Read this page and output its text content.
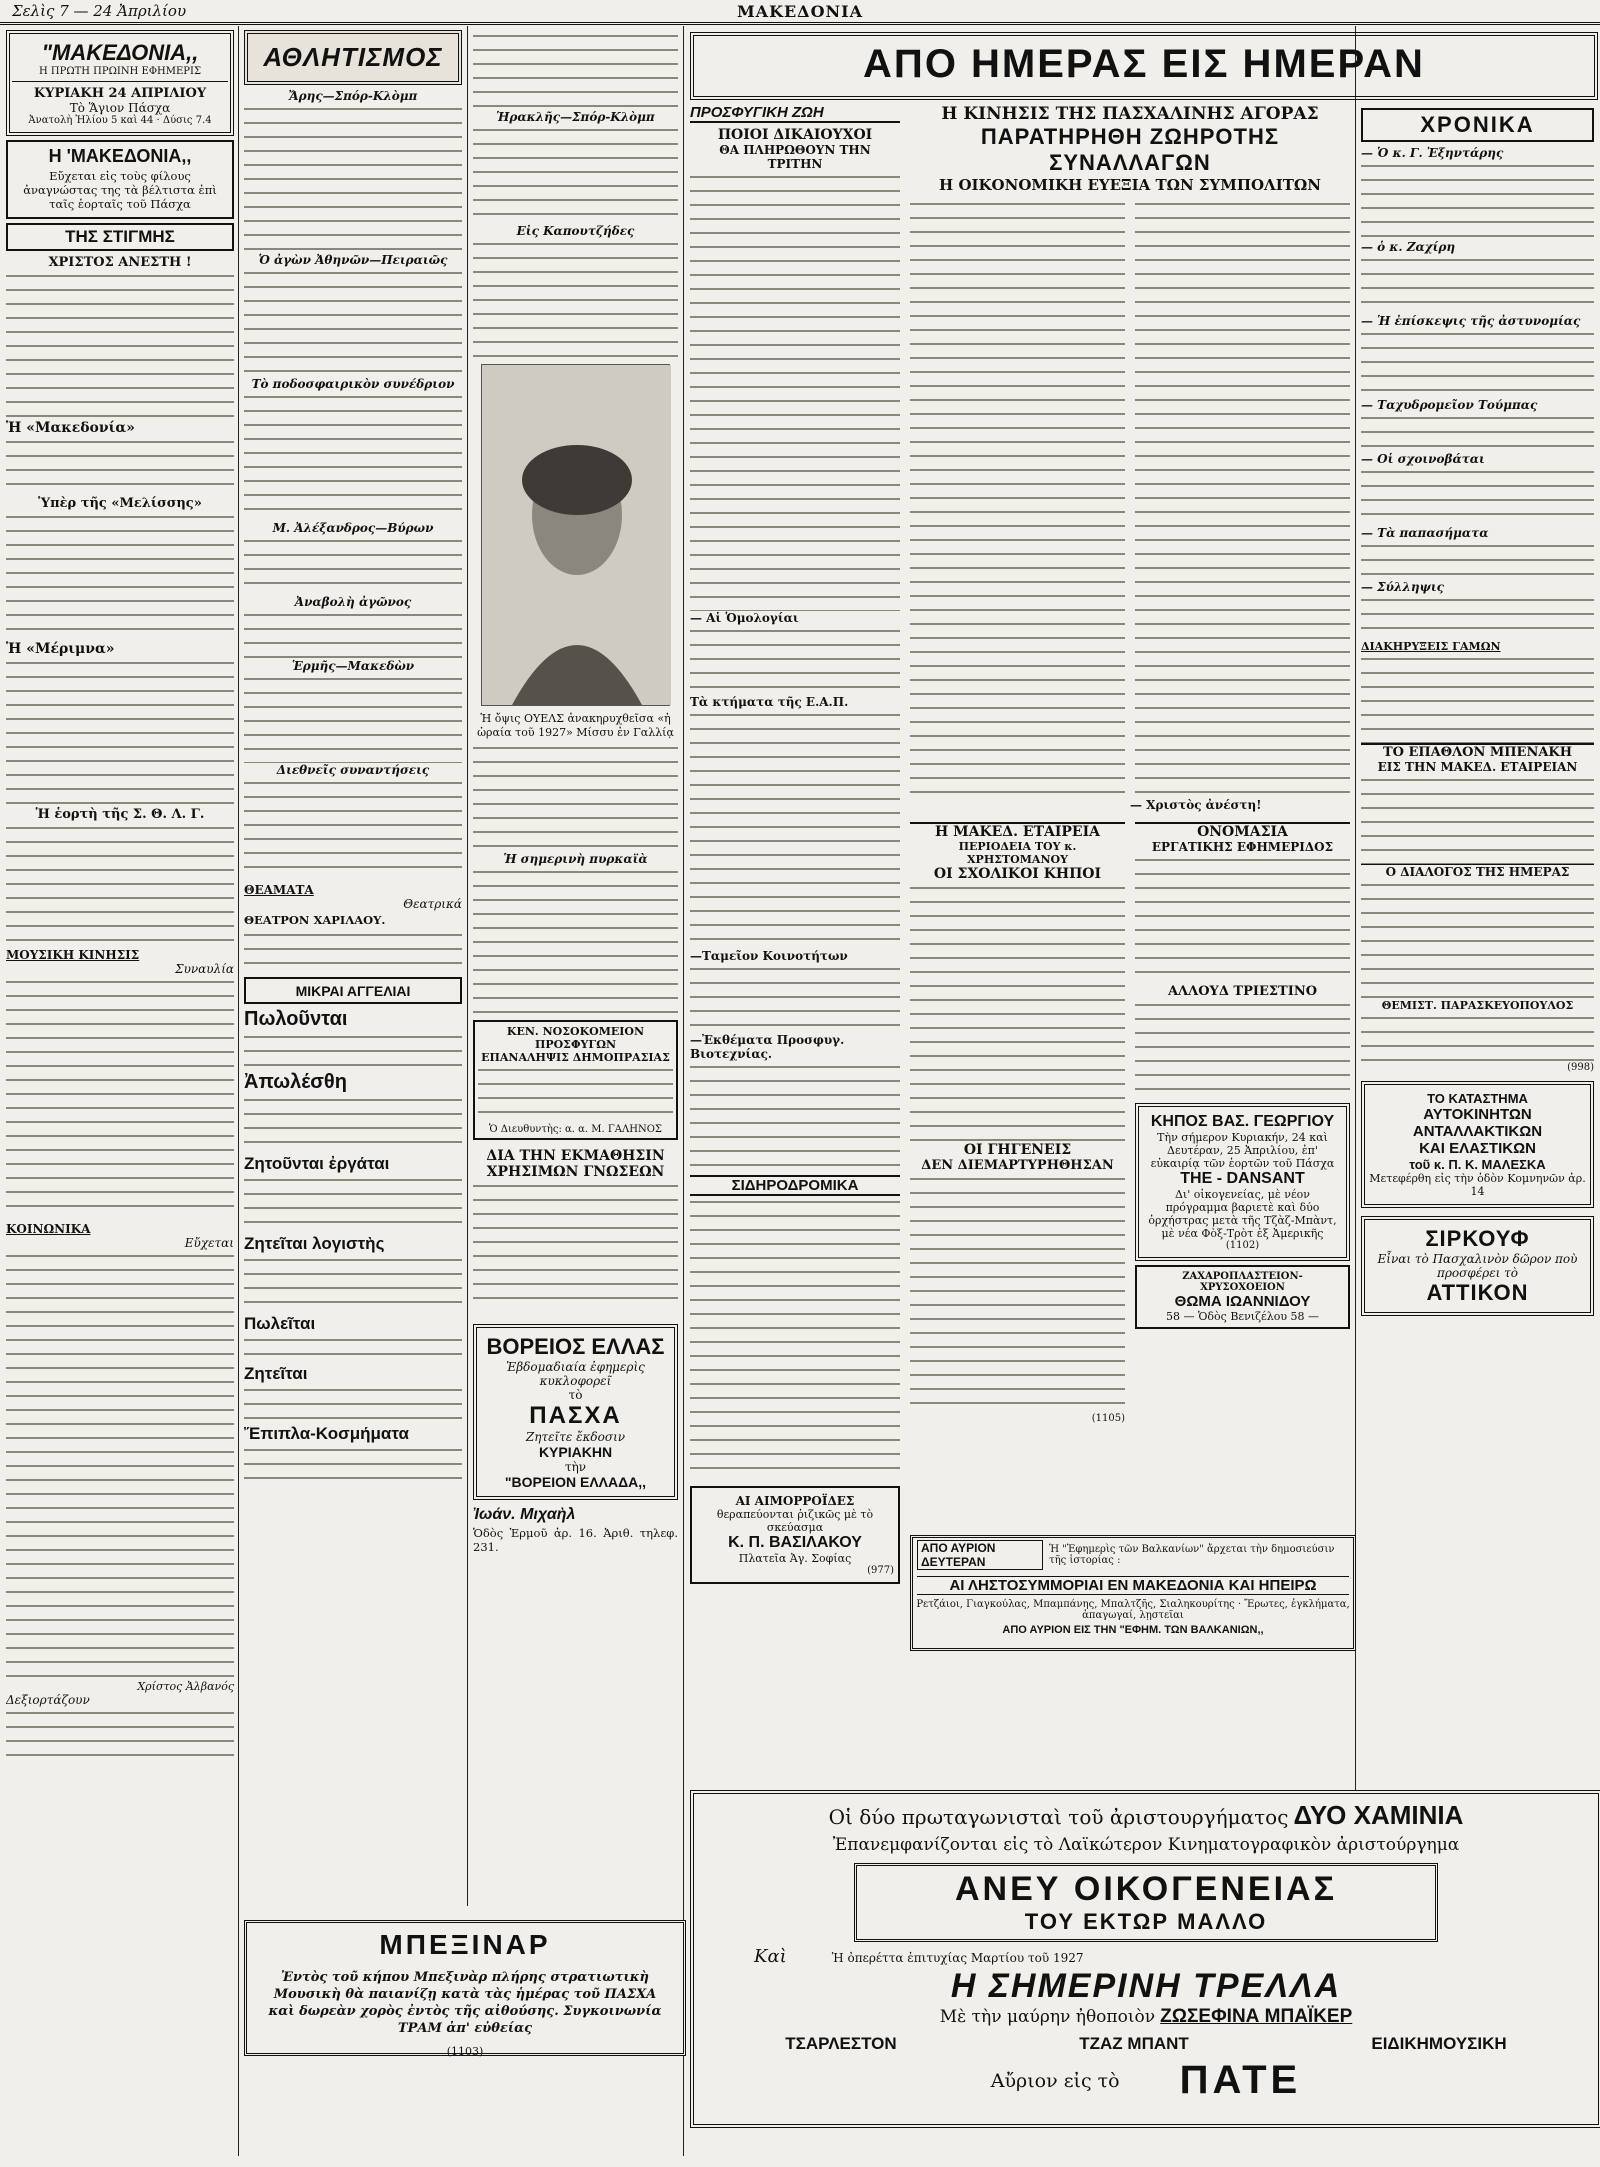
Σελὶς 7 — 24 Ἀπριλίου	ΜΑΚΕΔΟΝΙΑ
"ΜΑΚΕΔΟΝΙΑ,,
Η ΠΡΩΤΗ ΠΡΩΙΝΗ ΕΦΗΜΕΡΙΣ
ΚΥΡΙΑΚΗ 24 ΑΠΡΙΛΙΟΥ
Τὸ Ἅγιον Πάσχα
Ἀνατολὴ Ἡλίου 5 καὶ 44 · Δύσις 7.4
Η 'ΜΑΚΕΔΟΝΙΑ,,
Εὔχεται εἰς τοὺς φίλους ἀναγνώστας της τὰ βέλτιστα ἐπὶ ταῖς ἑορταῖς τοῦ Πάσχα
ΤΗΣ ΣΤΙΓΜΗΣ
ΧΡΙΣΤΟΣ ΑΝΕΣΤΗ !
Ἡ «Μακεδονία»
Ὑπὲρ τῆς «Μελίσσης»
Ἡ «Μέριμνα»
Ἡ ἑορτὴ τῆς Σ. Θ. Λ. Γ.
ΜΟΥΣΙΚΗ ΚΙΝΗΣΙΣ
Συναυλία
ΚΟΙΝΩΝΙΚΑ
Εὔχεται
Χρίστος Ἀλβανός
Δεξιορτάζουν
ΑΘΛΗΤΙΣΜΟΣ
Ἄρης—Σπόρ-Κλὸμπ
Ὁ ἀγὼν Ἀθηνῶν—Πειραιῶς
Τὸ ποδοσφαιρικὸν συνέδριον
Μ. Ἀλέξανδρος—Βύρων
Ἀναβολὴ ἀγῶνος
Ἑρμῆς—Μακεδὼν
Διεθνεῖς συναντήσεις
ΘΕΑΜΑΤΑ
Θεατρικά
ΘΕΑΤΡΟΝ ΧΑΡΙΛΑΟΥ.
ΜΙΚΡΑΙ ΑΓΓΕΛΙΑΙ
Πωλοῦνται
Ἀπωλέσθη
Ζητοῦνται ἐργάται
Ζητεῖται λογιστὴς
Πωλεῖται
Ζητεῖται
Ἔπιπλα-Κοσμήματα
ΜΠΕΞΙΝΑΡ
Ἐντὸς τοῦ κήπου Μπεξινὰρ πλήρης στρατιωτικὴ Μουσικὴ θὰ παιανίζῃ κατὰ τὰς ἡμέρας τοῦ ΠΑΣΧΑ καὶ δωρεὰν χορὸς ἐντὸς τῆς αἰθούσης. Συγκοινωνία ΤΡΑΜ ἀπ' εὐθείας
(1103)
Ἡρακλῆς—Σπόρ-Κλὸμπ
Εἰς Καπουτζήδες
Ἡ ὄψις ΟΥΕΛΣ ἀνακηρυχθεῖσα «ἡ ὡραία τοῦ 1927» Μίσσυ ἐν Γαλλίᾳ
Ἡ σημερινὴ πυρκαϊὰ
ΚΕΝ. ΝΟΣΟΚΟΜΕΙΟΝ ΠΡΟΣΦΥΓΩΝ
ΕΠΑΝΑΛΗΨΙΣ ΔΗΜΟΠΡΑΣΙΑΣ
Ὁ Διευθυντὴς: α. α. Μ. ΓΑΛΗΝΟΣ
ΔΙΑ ΤΗΝ ΕΚΜΑΘΗΣΙΝ ΧΡΗΣΙΜΩΝ ΓΝΩΣΕΩΝ
ΒΟΡΕΙΟΣ ΕΛΛΑΣ
Ἑβδομαδιαία ἐφημερὶς
κυκλοφορεῖ
τὸ
ΠΑΣΧΑ
Ζητεῖτε ἔκδοσιν
ΚΥΡΙΑΚΗΝ
τὴν
"ΒΟΡΕΙΟΝ ΕΛΛΑΔΑ,,
Ἰωάν. Μιχαὴλ
Ὁδὸς Ἑρμοῦ ἀρ. 16. Ἀριθ. τηλεφ. 231.
ΑΠΟ ΗΜΕΡΑΣ ΕΙΣ ΗΜΕΡΑΝ
ΠΡΟΣΦΥΓΙΚΗ ΖΩΗ
ΠΟΙΟΙ ΔΙΚΑΙΟΥΧΟΙ
ΘΑ ΠΛΗΡΩΘΟΥΝ ΤΗΝ ΤΡΙΤΗΝ
— Αἱ Ὁμολογίαι
Τὰ κτήματα τῆς Ε.Α.Π.
—Ταμεῖον Κοινοτήτων
—Ἐκθέματα Προσφυγ. Βιοτεχνίας.
ΣΙΔΗΡΟΔΡΟΜΙΚΑ
ΑΙ ΑΙΜΟΡΡΟΪΔΕΣ
θεραπεύονται ῥιζικῶς μὲ τὸ σκεύασμα
Κ. Π. ΒΑΣΙΛΑΚΟΥ
Πλατεῖα Ἀγ. Σοφίας
(977)
Η ΚΙΝΗΣΙΣ ΤΗΣ ΠΑΣΧΑΛΙΝΗΣ ΑΓΟΡΑΣ
ΠΑΡΑΤΗΡΗΘΗ ΖΩΗΡΟΤΗΣ ΣΥΝΑΛΛΑΓΩΝ
Η ΟΙΚΟΝΟΜΙΚΗ ΕΥΕΞΙΑ ΤΩΝ ΣΥΜΠΟΛΙΤΩΝ
— Χριστὸς ἀνέστη!
Η ΜΑΚΕΔ. ΕΤΑΙΡΕΙΑ
ΠΕΡΙΟΔΕΙΑ ΤΟΥ κ. ΧΡΗΣΤΟΜΑΝΟΥ
ΟΙ ΣΧΟΛΙΚΟΙ ΚΗΠΟΙ
ΟΙ ΓΗΓΕΝΕΙΣ
ΔΕΝ ΔΙΕΜΑΡΤΥΡΗΘΗΣΑΝ
(1105)
ΟΝΟΜΑΣΙΑ
ΕΡΓΑΤΙΚΗΣ ΕΦΗΜΕΡΙΔΟΣ
ΑΛΛΟΥΔ ΤΡΙΕΣΤΙΝΟ
ΚΗΠΟΣ ΒΑΣ. ΓΕΩΡΓΙΟΥ
Τὴν σήμερον Κυριακήν, 24 καὶ Δευτέραν, 25 Ἀπριλίου, ἐπ' εὐκαιρίᾳ τῶν ἑορτῶν τοῦ Πάσχα
THE - DANSANT
Δι' οἰκογενείας, μὲ νέον πρόγραμμα βαριετὲ καὶ δύο ὀρχήστρας μετὰ τῆς Τζὰζ-Μπὰντ, μὲ νέα Φὸξ-Τρὸτ ἐξ Ἀμερικῆς
(1102)
ΖΑΧΑΡΟΠΛΑΣΤΕΙΟΝ-ΧΡΥΣΟΧΟΕΙΟΝ
ΘΩΜΑ ΙΩΑΝΝΙΔΟΥ
58 — Ὁδὸς Βενιζέλου 58 —
ΑΠΟ ΑΥΡΙΟΝ ΔΕΥΤΕΡΑΝ
Ἡ "Ἐφημερὶς τῶν Βαλκανίων" ἄρχεται τὴν δημοσιεύσιν τῆς ἱστορίας :
ΑΙ ΛΗΣΤΟΣΥΜΜΟΡΙΑΙ ΕΝ ΜΑΚΕΔΟΝΙΑ ΚΑΙ ΗΠΕΙΡΩ
Ρετζάιοι, Γιαγκούλας, Μπαμπάνης, Μπαλτζῆς, Σιαληκουρίτης · Ἔρωτες, ἐγκλήματα, ἀπαγωγαί, λῃστεῖαι
ΑΠΟ ΑΥΡΙΟΝ ΕΙΣ ΤΗΝ "ΕΦΗΜ. ΤΩΝ ΒΑΛΚΑΝΙΩΝ,,
ΧΡΟΝΙΚΑ
— Ὁ κ. Γ. Ἐξηντάρης
— ὁ κ. Ζαχίρη
— Ἡ ἐπίσκεψις τῆς ἀστυνομίας
— Ταχυδρομεῖον Τούμπας
— Οἱ σχοινοβάται
— Τὰ παπασήματα
— Σύλληψις
ΔΙΑΚΗΡΥΞΕΙΣ ΓΑΜΩΝ
ΤΟ ΕΠΑΘΛΟΝ ΜΠΕΝΑΚΗ
ΕΙΣ ΤΗΝ ΜΑΚΕΔ. ΕΤΑΙΡΕΙΑΝ
Ο ΔΙΑΛΟΓΟΣ ΤΗΣ ΗΜΕΡΑΣ
ΘΕΜΙΣΤ. ΠΑΡΑΣΚΕΥΟΠΟΥΛΟΣ
(998)
ΤΟ ΚΑΤΑΣΤΗΜΑ
ΑΥΤΟΚΙΝΗΤΩΝ
ΑΝΤΑΛΛΑΚΤΙΚΩΝ
ΚΑΙ ΕΛΑΣΤΙΚΩΝ
τοῦ κ. Π. Κ. ΜΑΛΕΣΚΑ
Μετεφέρθη εἰς τὴν ὁδὸν Κομνηνῶν ἀρ. 14
ΣΙΡΚΟΥΦ
Εἶναι τὸ Πασχαλινὸν δῶρον ποὺ προσφέρει τὸ
ΑΤΤΙΚΟΝ
Οἱ δύο πρωταγωνισταὶ τοῦ ἀριστουργήματος ΔΥΟ ΧΑΜΙΝΙΑ
Ἐπανεμφανίζονται εἰς τὸ Λαϊκώτερον Κινηματογραφικὸν ἀριστούργημα
ΑΝΕΥ ΟΙΚΟΓΕΝΕΙΑΣ
ΤΟΥ ΕΚΤΩΡ ΜΑΛΛΟ
Καὶ	Ἡ ὀπερέττα ἐπιτυχίας Μαρτίου τοῦ 1927
Η ΣΗΜΕΡΙΝΗ ΤΡΕΛΛΑ
Μὲ τὴν μαύρην ἠθοποιὸν ΖΩΣΕΦΙΝΑ ΜΠΑΪΚΕΡ
ΤΣΑΡΛΕΣΤΟΝ	ΤΖΑΖ ΜΠΑΝΤ	ΕΙΔΙΚΗΜΟΥΣΙΚΗ
Αὔριον εἰς τὸ ΠΑΤΕ
